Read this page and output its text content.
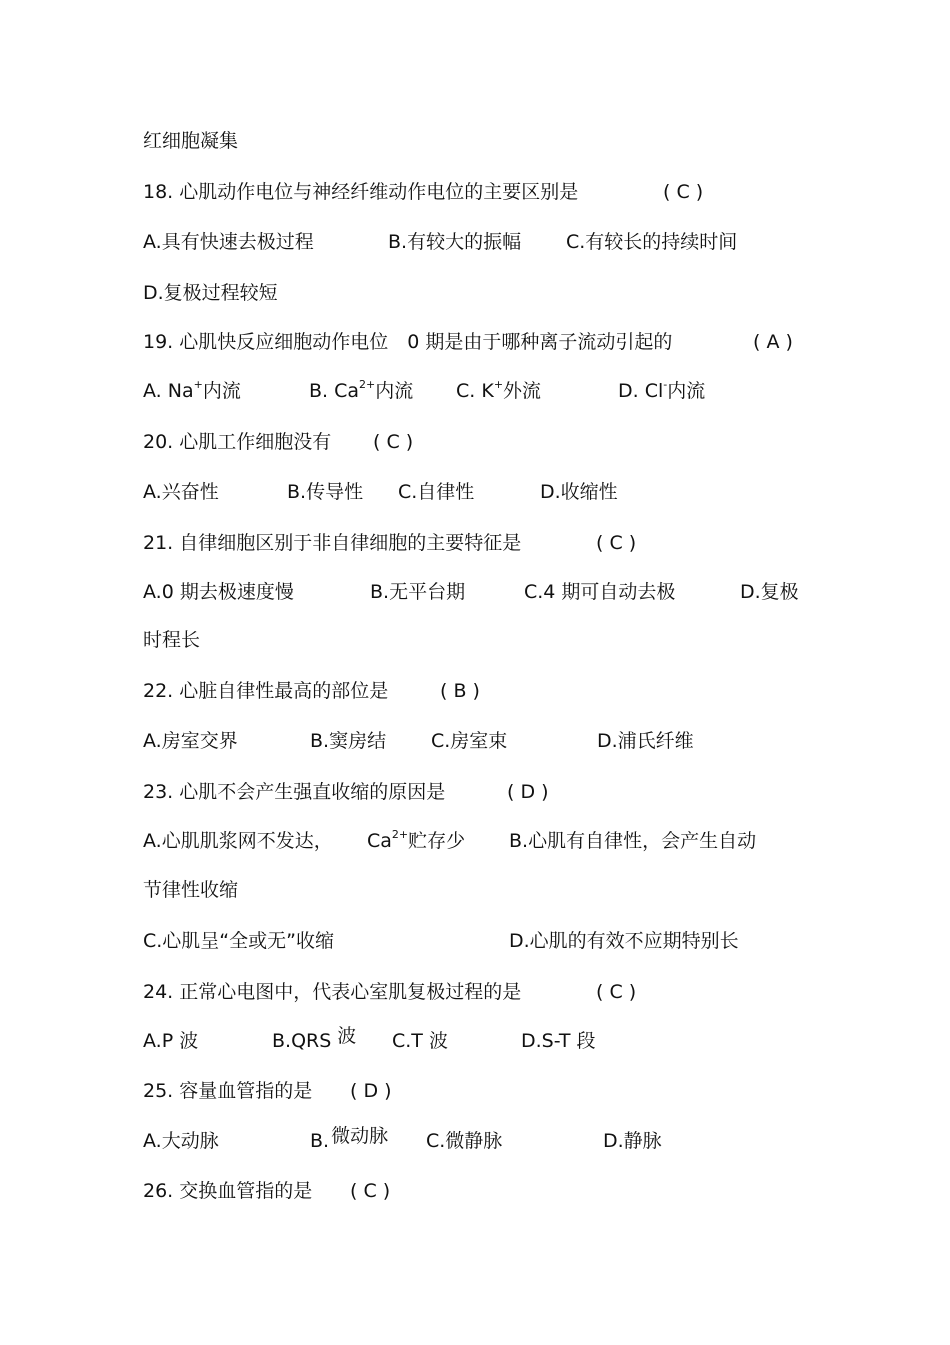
红细胞凝集
18. 心肌动作电位与神经纤维动作电位的主要区别是	( C )
A.具有快速去极过程	B.有较大的振幅 C.有较长的持续时间
D.复极过程较短
19. 心肌快反应细胞动作电位　0 期是由于哪种离子流动引起的	( A )
A. Na+内流	B. $Ca^{2+}$内流 C. K+外流	D. Cl-内流
20. 心肌工作细胞没有 ( C )
A.兴奋性	B.传导性 C.自律性	D.收缩性
21. 自律细胞区别于非自律细胞的主要特征是	( C )
A.0 期去极速度慢	B.无平台期	C.4 期可自动去极	D.复极
时程长
22. 心脏自律性最高的部位是	( B )
A.房室交界	B.窦房结 C.房室束	D.浦氏纤维
23. 心肌不会产生强直收缩的原因是	( D )
A.心肌肌浆网不发达， $Ca^{2+}$贮存少 B.心肌有自律性，会产生自动
节律性收缩
C.心肌呈“全或无”收缩	D.心肌的有效不应期特别长
24. 正常心电图中，代表心室肌复极过程的是	( C )
A.P 波	B.QRS 波 C.T 波	D.S-T 段
25. 容量血管指的是 ( D )
A.大动脉	B. 微动脉 C.微静脉	D.静脉
26. 交换血管指的是 ( C )
